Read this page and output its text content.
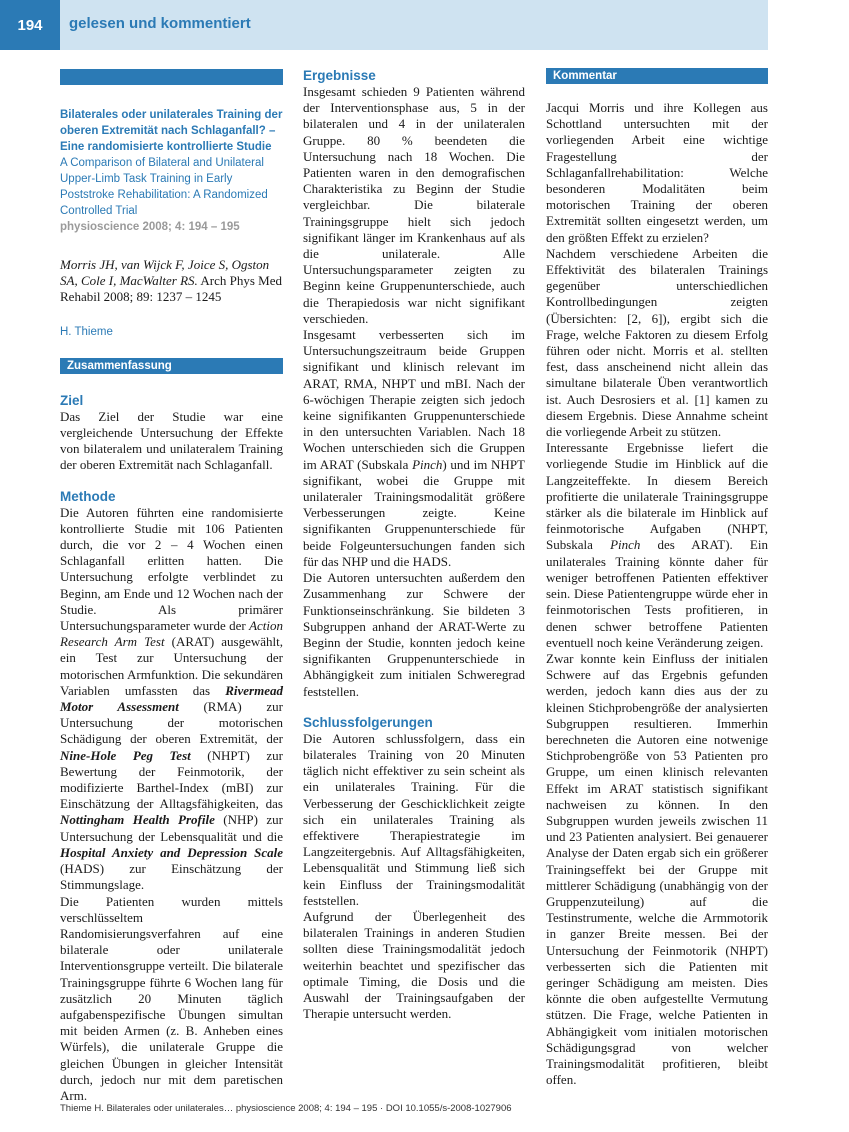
194	gelesen und kommentiert
Bilaterales oder unilaterales Training der oberen Extremität nach Schlaganfall? – Eine randomisierte kontrollierte Studie
A Comparison of Bilateral and Unilateral Upper-Limb Task Training in Early Poststroke Rehabilitation: A Randomized Controlled Trial
physioscience 2008; 4: 194 – 195

Morris JH, van Wijck F, Joice S, Ogston SA, Cole I, MacWalter RS. Arch Phys Med Rehabil 2008; 89: 1237 – 1245

H. Thieme
Zusammenfassung
Ziel

Das Ziel der Studie war eine vergleichende Untersuchung der Effekte von bilateralem und unilateralem Training der oberen Extremität nach Schlaganfall.

Methode

Die Autoren führten eine randomisierte kontrollierte Studie mit 106 Patienten durch, die vor 2 – 4 Wochen einen Schlaganfall erlitten hatten. Die Untersuchung erfolgte verblindet zu Beginn, am Ende und 12 Wochen nach der Studie. Als primärer Untersuchungsparameter wurde der Action Research Arm Test (ARAT) ausgewählt, ein Test zur Untersuchung der motorischen Armfunktion. Die sekundären Variablen umfassten das Rivermead Motor Assessment (RMA) zur Untersuchung der motorischen Schädigung der oberen Extremität, der Nine-Hole Peg Test (NHPT) zur Bewertung der Feinmotorik, der modifizierte Barthel-Index (mBI) zur Einschätzung der Alltagsfähigkeiten, das Nottingham Health Profile (NHP) zur Untersuchung der Lebensqualität und die Hospital Anxiety and Depression Scale (HADS) zur Einschätzung der Stimmungslage.

Die Patienten wurden mittels verschlüsseltem Randomisierungsverfahren auf eine bilaterale oder unilaterale Interventionsgruppe verteilt. Die bilaterale Trainingsgruppe führte 6 Wochen lang für zusätzlich 20 Minuten täglich aufgabenspezifische Übungen simultan mit beiden Armen (z. B. Anheben eines Würfels), die unilaterale Gruppe die gleichen Übungen in gleicher Intensität durch, jedoch nur mit dem paretischen Arm.

Ergebnisse

Insgesamt schieden 9 Patienten während der Interventionsphase aus, 5 in der bilateralen und 4 in der unilateralen Gruppe. 80 % beendeten die Untersuchung nach 18 Wochen. Die Patienten waren in den demografischen Charakteristika zu Beginn der Studie vergleichbar. Die bilaterale Trainingsgruppe hielt sich jedoch signifikant länger im Krankenhaus auf als die unilaterale. Alle Untersuchungsparameter zeigten zu Beginn keine Gruppenunterschiede, auch die Therapiedosis war nicht signifikant verschieden.

Insgesamt verbesserten sich im Untersuchungszeitraum beide Gruppen signifikant und klinisch relevant im ARAT, RMA, NHPT und mBI. Nach der 6-wöchigen Therapie zeigten sich jedoch keine signifikanten Gruppenunterschiede in den untersuchten Variablen. Nach 18 Wochen unterschieden sich die Gruppen im ARAT (Subskala Pinch) und im NHPT signifikant, wobei die Gruppe mit unilateraler Trainingsmodalität größere Verbesserungen zeigte. Keine signifikanten Gruppenunterschiede für beide Folgeuntersuchungen fanden sich für das NHP und die HADS.

Die Autoren untersuchten außerdem den Zusammenhang zur Schwere der Funktionseinschränkung. Sie bildeten 3 Subgruppen anhand der ARAT-Werte zu Beginn der Studie, konnten jedoch keine signifikanten Gruppenunterschiede in Abhängigkeit zum initialen Schweregrad feststellen.

Schlussfolgerungen

Die Autoren schlussfolgern, dass ein bilaterales Training von 20 Minuten täglich nicht effektiver zu sein scheint als ein unilaterales Training. Für die Verbesserung der Geschicklichkeit zeigte sich ein unilaterales Training als effektivere Therapiestrategie im Langzeitergebnis. Auf Alltagsfähigkeiten, Lebensqualität und Stimmung ließ sich kein Einfluss der Trainingsmodalität feststellen.

Aufgrund der Überlegenheit des bilateralen Trainings in anderen Studien sollten diese Trainingsmodalität jedoch weiterhin beachtet und spezifischer das optimale Timing, die Dosis und die Auswahl der Trainingsaufgaben der Therapie untersucht werden.

Kommentar

Jacqui Morris und ihre Kollegen aus Schottland untersuchten mit der vorliegenden Arbeit eine wichtige Fragestellung der Schlaganfallrehabilitation: Welche besonderen Modalitäten beim motorischen Training der oberen Extremität sollten eingesetzt werden, um den größten Effekt zu erzielen?

Nachdem verschiedene Arbeiten die Effektivität des bilateralen Trainings gegenüber unterschiedlichen Kontrollbedingungen zeigten (Übersichten: [2, 6]), ergibt sich die Frage, welche Faktoren zu diesem Erfolg führen oder nicht. Morris et al. stellten fest, dass anscheinend nicht allein das simultane bilaterale Üben verantwortlich ist. Auch Desrosiers et al. [1] kamen zu diesem Ergebnis. Diese Annahme scheint die vorliegende Arbeit zu stützen.

Interessante Ergebnisse liefert die vorliegende Studie im Hinblick auf die Langzeiteffekte. In diesem Bereich profitierte die unilaterale Trainingsgruppe stärker als die bilaterale im Hinblick auf feinmotorische Aufgaben (NHPT, Subskala Pinch des ARAT). Ein unilaterales Training könnte daher für weniger betroffenen Patienten effektiver sein. Diese Patientengruppe würde eher in feinmotorischen Tests profitieren, in denen schwer betroffene Patienten eventuell noch keine Veränderung zeigen.

Zwar konnte kein Einfluss der initialen Schwere auf das Ergebnis gefunden werden, jedoch kann dies aus der zu kleinen Stichprobengröße der analysierten Subgruppen resultieren. Immerhin berechneten die Autoren eine notwenige Stichprobengröße von 53 Patienten pro Gruppe, um einen klinisch relevanten Effekt im ARAT statistisch signifikant nachweisen zu können. In den Subgruppen wurden jeweils zwischen 11 und 23 Patienten analysiert. Bei genauerer Analyse der Daten ergab sich ein größerer Trainingseffekt bei der Gruppe mit mittlerer Schädigung (unabhängig von der Gruppenzuteilung) auf die Testinstrumente, welche die Armmotorik in ganzer Breite messen. Bei der Untersuchung der Feinmotorik (NHPT) verbesserten sich die Patienten mit geringer Schädigung am meisten. Dies könnte die oben aufgestellte Vermutung stützen. Die Frage, welche Patienten in Abhängigkeit vom initialen motorischen Schädigungsgrad von welcher Trainingsmodalität profitieren, bleibt offen.

Thieme H. Bilaterales oder unilaterales… physioscience 2008; 4: 194 – 195 · DOI 10.1055/s-2008-1027906
